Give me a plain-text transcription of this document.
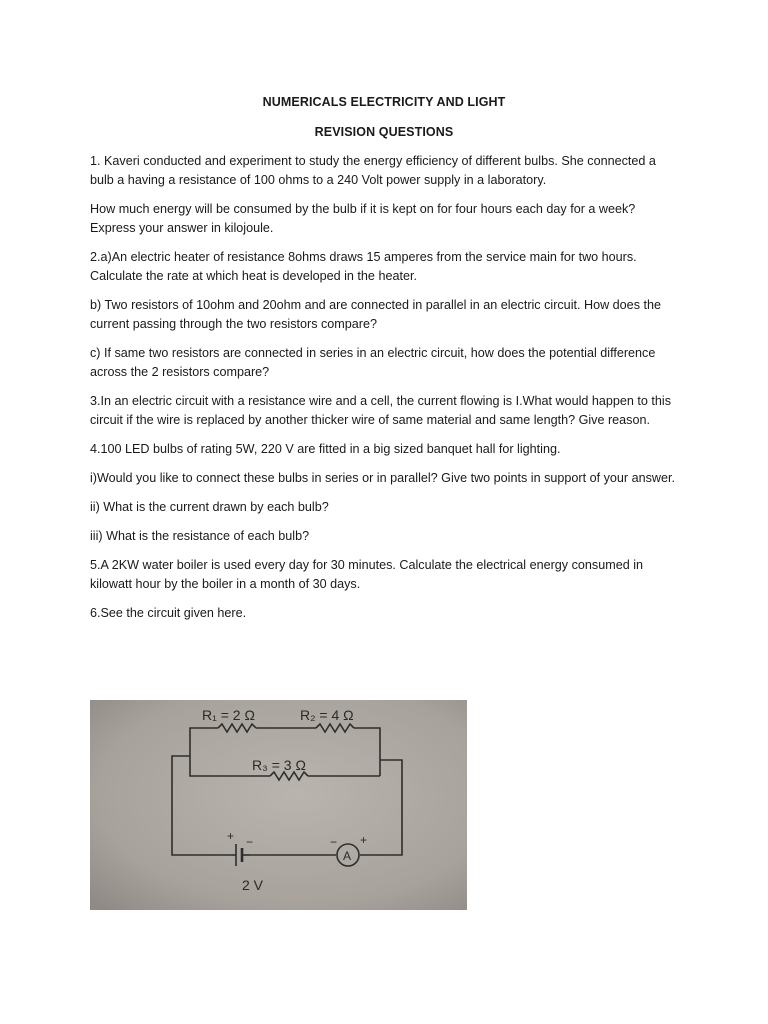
NUMERICALS ELECTRICITY AND LIGHT
REVISION QUESTIONS

1. Kaveri conducted and experiment to study the energy efficiency of different bulbs. She connected a bulb a having a resistance of 100 ohms to a 240 Volt power supply in a laboratory.

How much energy will be consumed by the bulb if it is kept on for four hours each day for a week? Express your answer in kilojoule.

2.a)An electric heater of resistance 8ohms draws 15 amperes from the service main for two hours. Calculate the rate at which heat is developed in the heater.

b) Two resistors of 10ohm and 20ohm and are connected in parallel in an electric circuit. How does the current passing through the two resistors compare?

c) If same two resistors are connected in series in an electric circuit, how does the potential difference across the 2 resistors compare?

3.In an electric circuit with a resistance wire and a cell, the current flowing is I.What would happen to this circuit if the wire is replaced by another thicker wire of same material and same length? Give reason.

4.100 LED bulbs of rating 5W, 220 V are fitted in a big sized banquet hall for lighting.

i)Would you like to connect these bulbs in series or in parallel? Give two points in support of your answer.

ii) What is the current drawn by each bulb?

iii) What is the resistance of each bulb?

5.A 2KW water boiler is used every day for 30 minutes. Calculate the electrical energy consumed in kilowatt hour by the boiler in a month of 30 days.

6.See the circuit given here.

R₁ = 2 Ω	R₂ = 4 Ω
R₃ = 3 Ω
+ −
2 V
− +
A
